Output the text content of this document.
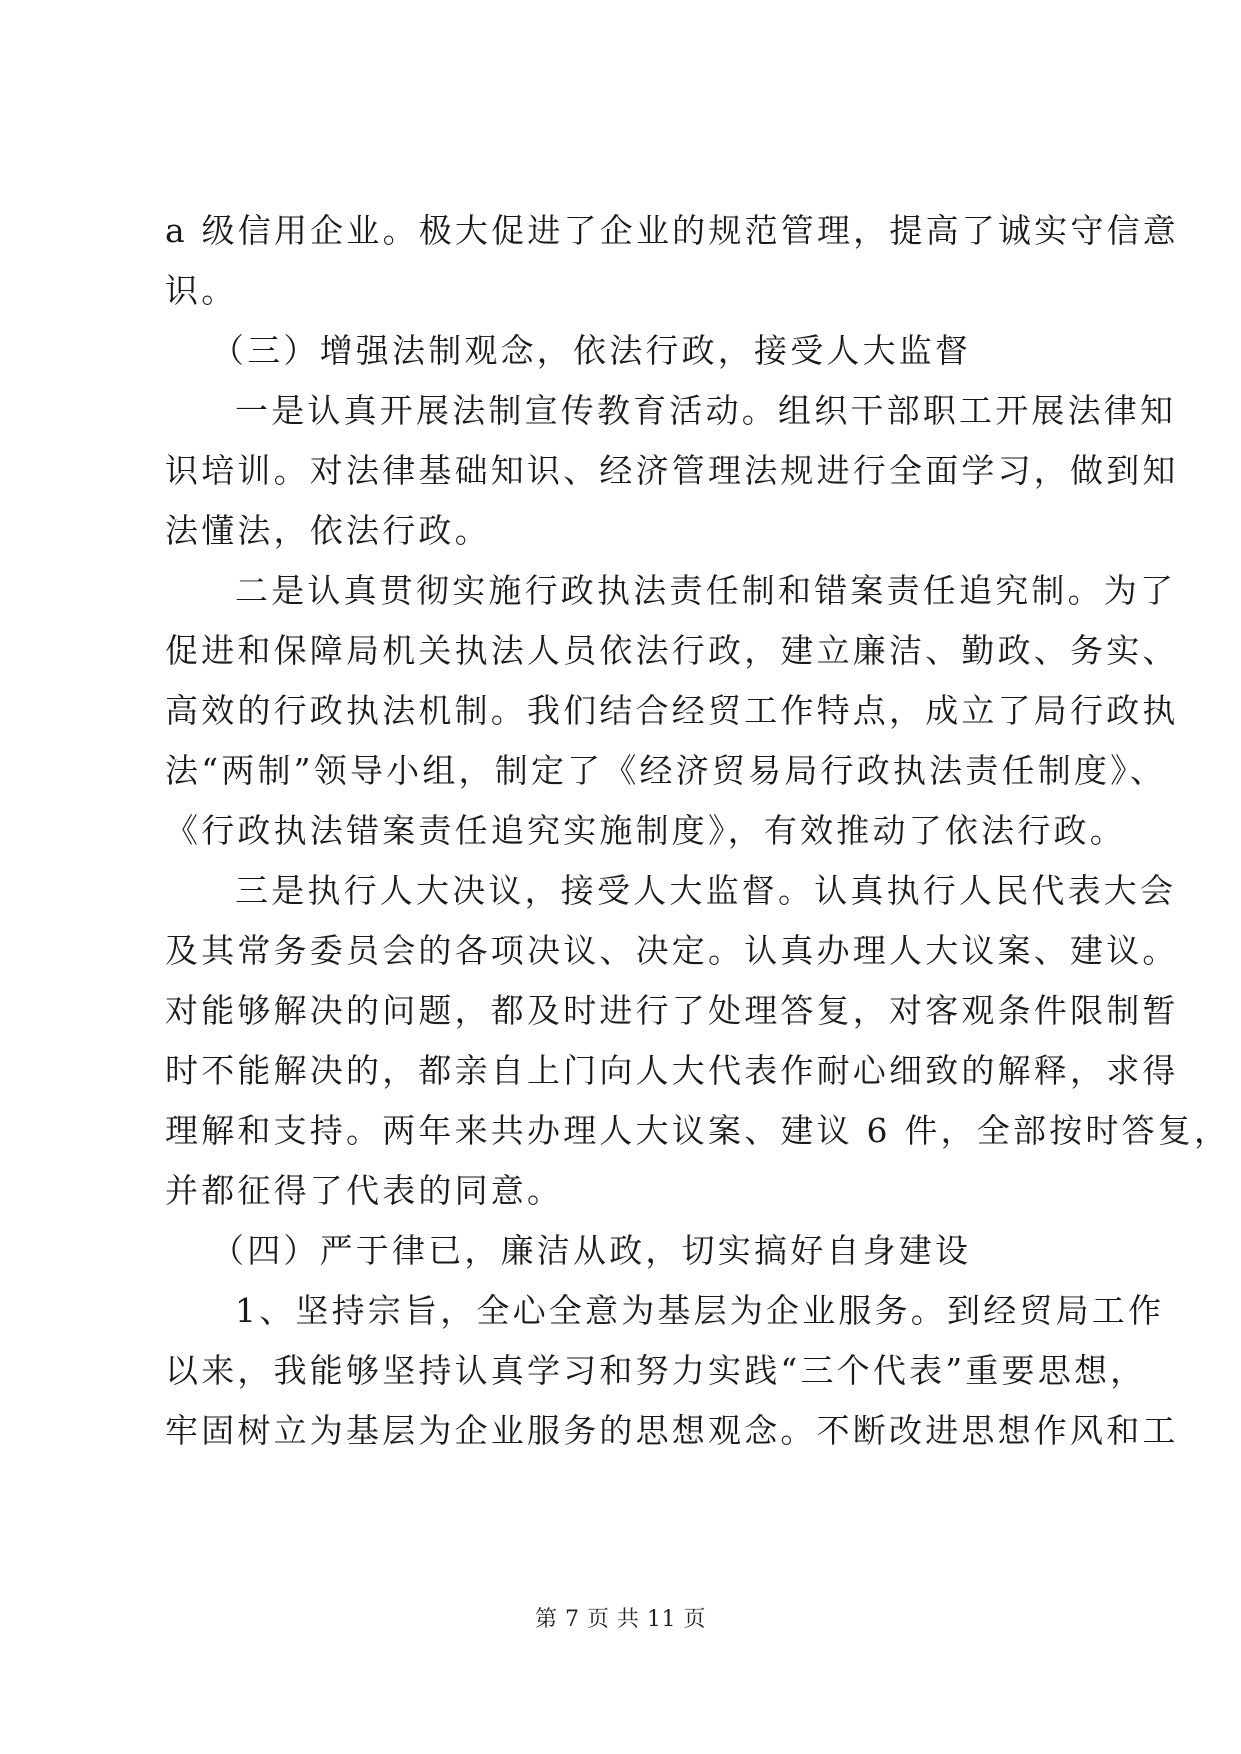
a 级信用企业。极大促进了企业的规范管理，提高了诚实守信意
识。
（三）增强法制观念，依法行政，接受人大监督
一是认真开展法制宣传教育活动。组织干部职工开展法律知
识培训。对法律基础知识、经济管理法规进行全面学习，做到知
法懂法，依法行政。
二是认真贯彻实施行政执法责任制和错案责任追究制。为了
促进和保障局机关执法人员依法行政，建立廉洁、勤政、务实、
高效的行政执法机制。我们结合经贸工作特点，成立了局行政执
法“两制”领导小组，制定了《经济贸易局行政执法责任制度》、
《行政执法错案责任追究实施制度》，有效推动了依法行政。
三是执行人大决议，接受人大监督。认真执行人民代表大会
及其常务委员会的各项决议、决定。认真办理人大议案、建议。
对能够解决的问题，都及时进行了处理答复，对客观条件限制暂
时不能解决的，都亲自上门向人大代表作耐心细致的解释，求得
理解和支持。两年来共办理人大议案、建议 6 件，全部按时答复，
并都征得了代表的同意。
（四）严于律已，廉洁从政，切实搞好自身建设
1、坚持宗旨，全心全意为基层为企业服务。到经贸局工作
以来，我能够坚持认真学习和努力实践“三个代表”重要思想，
牢固树立为基层为企业服务的思想观念。不断改进思想作风和工
第 7 页 共 11 页
